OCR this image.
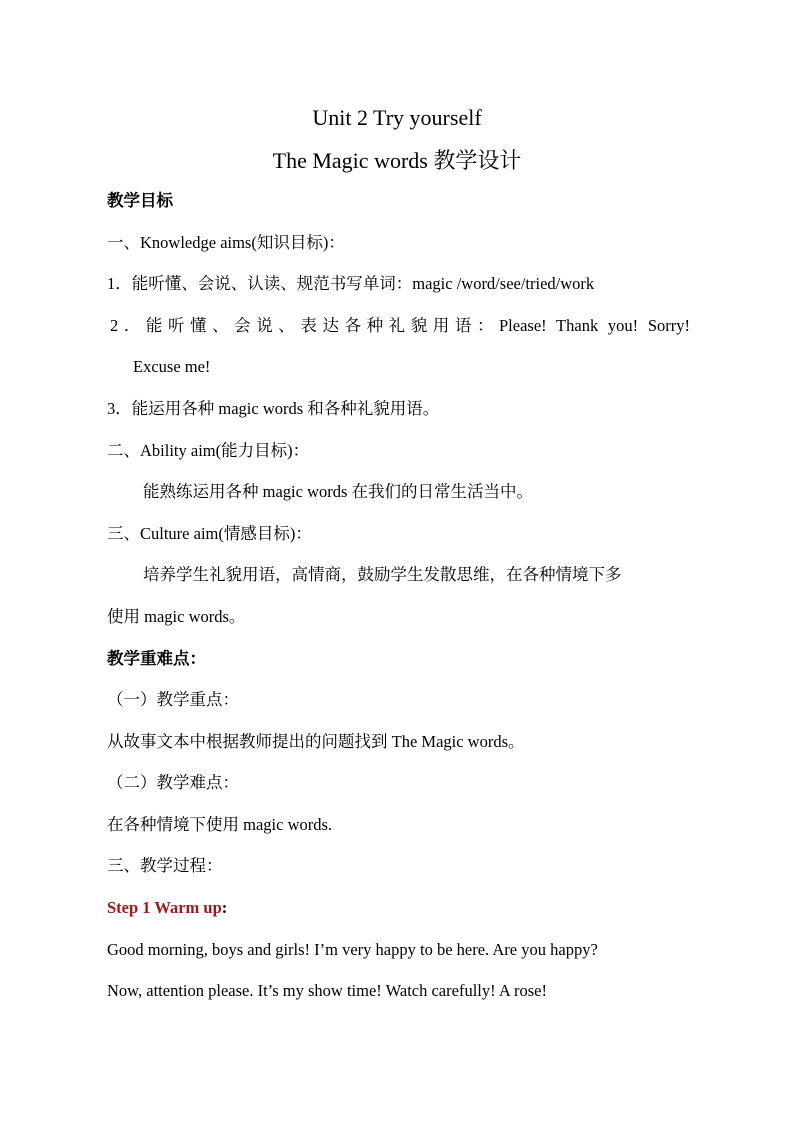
Unit 2 Try yourself
The Magic words 教学设计
教学目标
一、Knowledge aims(知识目标)：
1．能听懂、会说、认读、规范书写单词：magic /word/see/tried/work
2．能听懂、会说、表达各种礼貌用语：Please! Thank you! Sorry!
Excuse me!
3．能运用各种 magic words 和各种礼貌用语。
二、Ability aim(能力目标)：
能熟练运用各种 magic words 在我们的日常生活当中。
三、Culture aim(情感目标)：
培养学生礼貌用语，高情商，鼓励学生发散思维，在各种情境下多
使用 magic words。
教学重难点：
（一）教学重点：
从故事文本中根据教师提出的问题找到 The Magic words。
（二）教学难点：
在各种情境下使用 magic words.
三、教学过程：
Step 1 Warm up:
Good morning, boys and girls! I’m very happy to be here. Are you happy?
Now, attention please. It’s my show time! Watch carefully! A rose!
